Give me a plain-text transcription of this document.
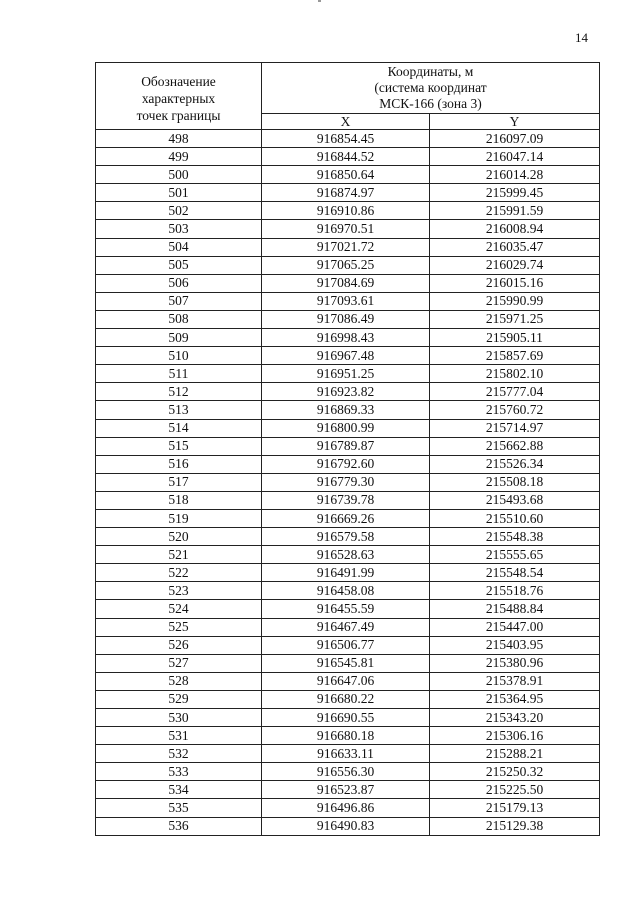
14
Обозначение
характерных
точек границы	Координаты, м
(система координат
МСК-166 (зона 3)	

	X	Y
498	916854.45	216097.09
499	916844.52	216047.14
500	916850.64	216014.28
501	916874.97	215999.45
502	916910.86	215991.59
503	916970.51	216008.94
504	917021.72	216035.47
505	917065.25	216029.74
506	917084.69	216015.16
507	917093.61	215990.99
508	917086.49	215971.25
509	916998.43	215905.11
510	916967.48	215857.69
511	916951.25	215802.10
512	916923.82	215777.04
513	916869.33	215760.72
514	916800.99	215714.97
515	916789.87	215662.88
516	916792.60	215526.34
517	916779.30	215508.18
518	916739.78	215493.68
519	916669.26	215510.60
520	916579.58	215548.38
521	916528.63	215555.65
522	916491.99	215548.54
523	916458.08	215518.76
524	916455.59	215488.84
525	916467.49	215447.00
526	916506.77	215403.95
527	916545.81	215380.96
528	916647.06	215378.91
529	916680.22	215364.95
530	916690.55	215343.20
531	916680.18	215306.16
532	916633.11	215288.21
533	916556.30	215250.32
534	916523.87	215225.50
535	916496.86	215179.13
536	916490.83	215129.38
